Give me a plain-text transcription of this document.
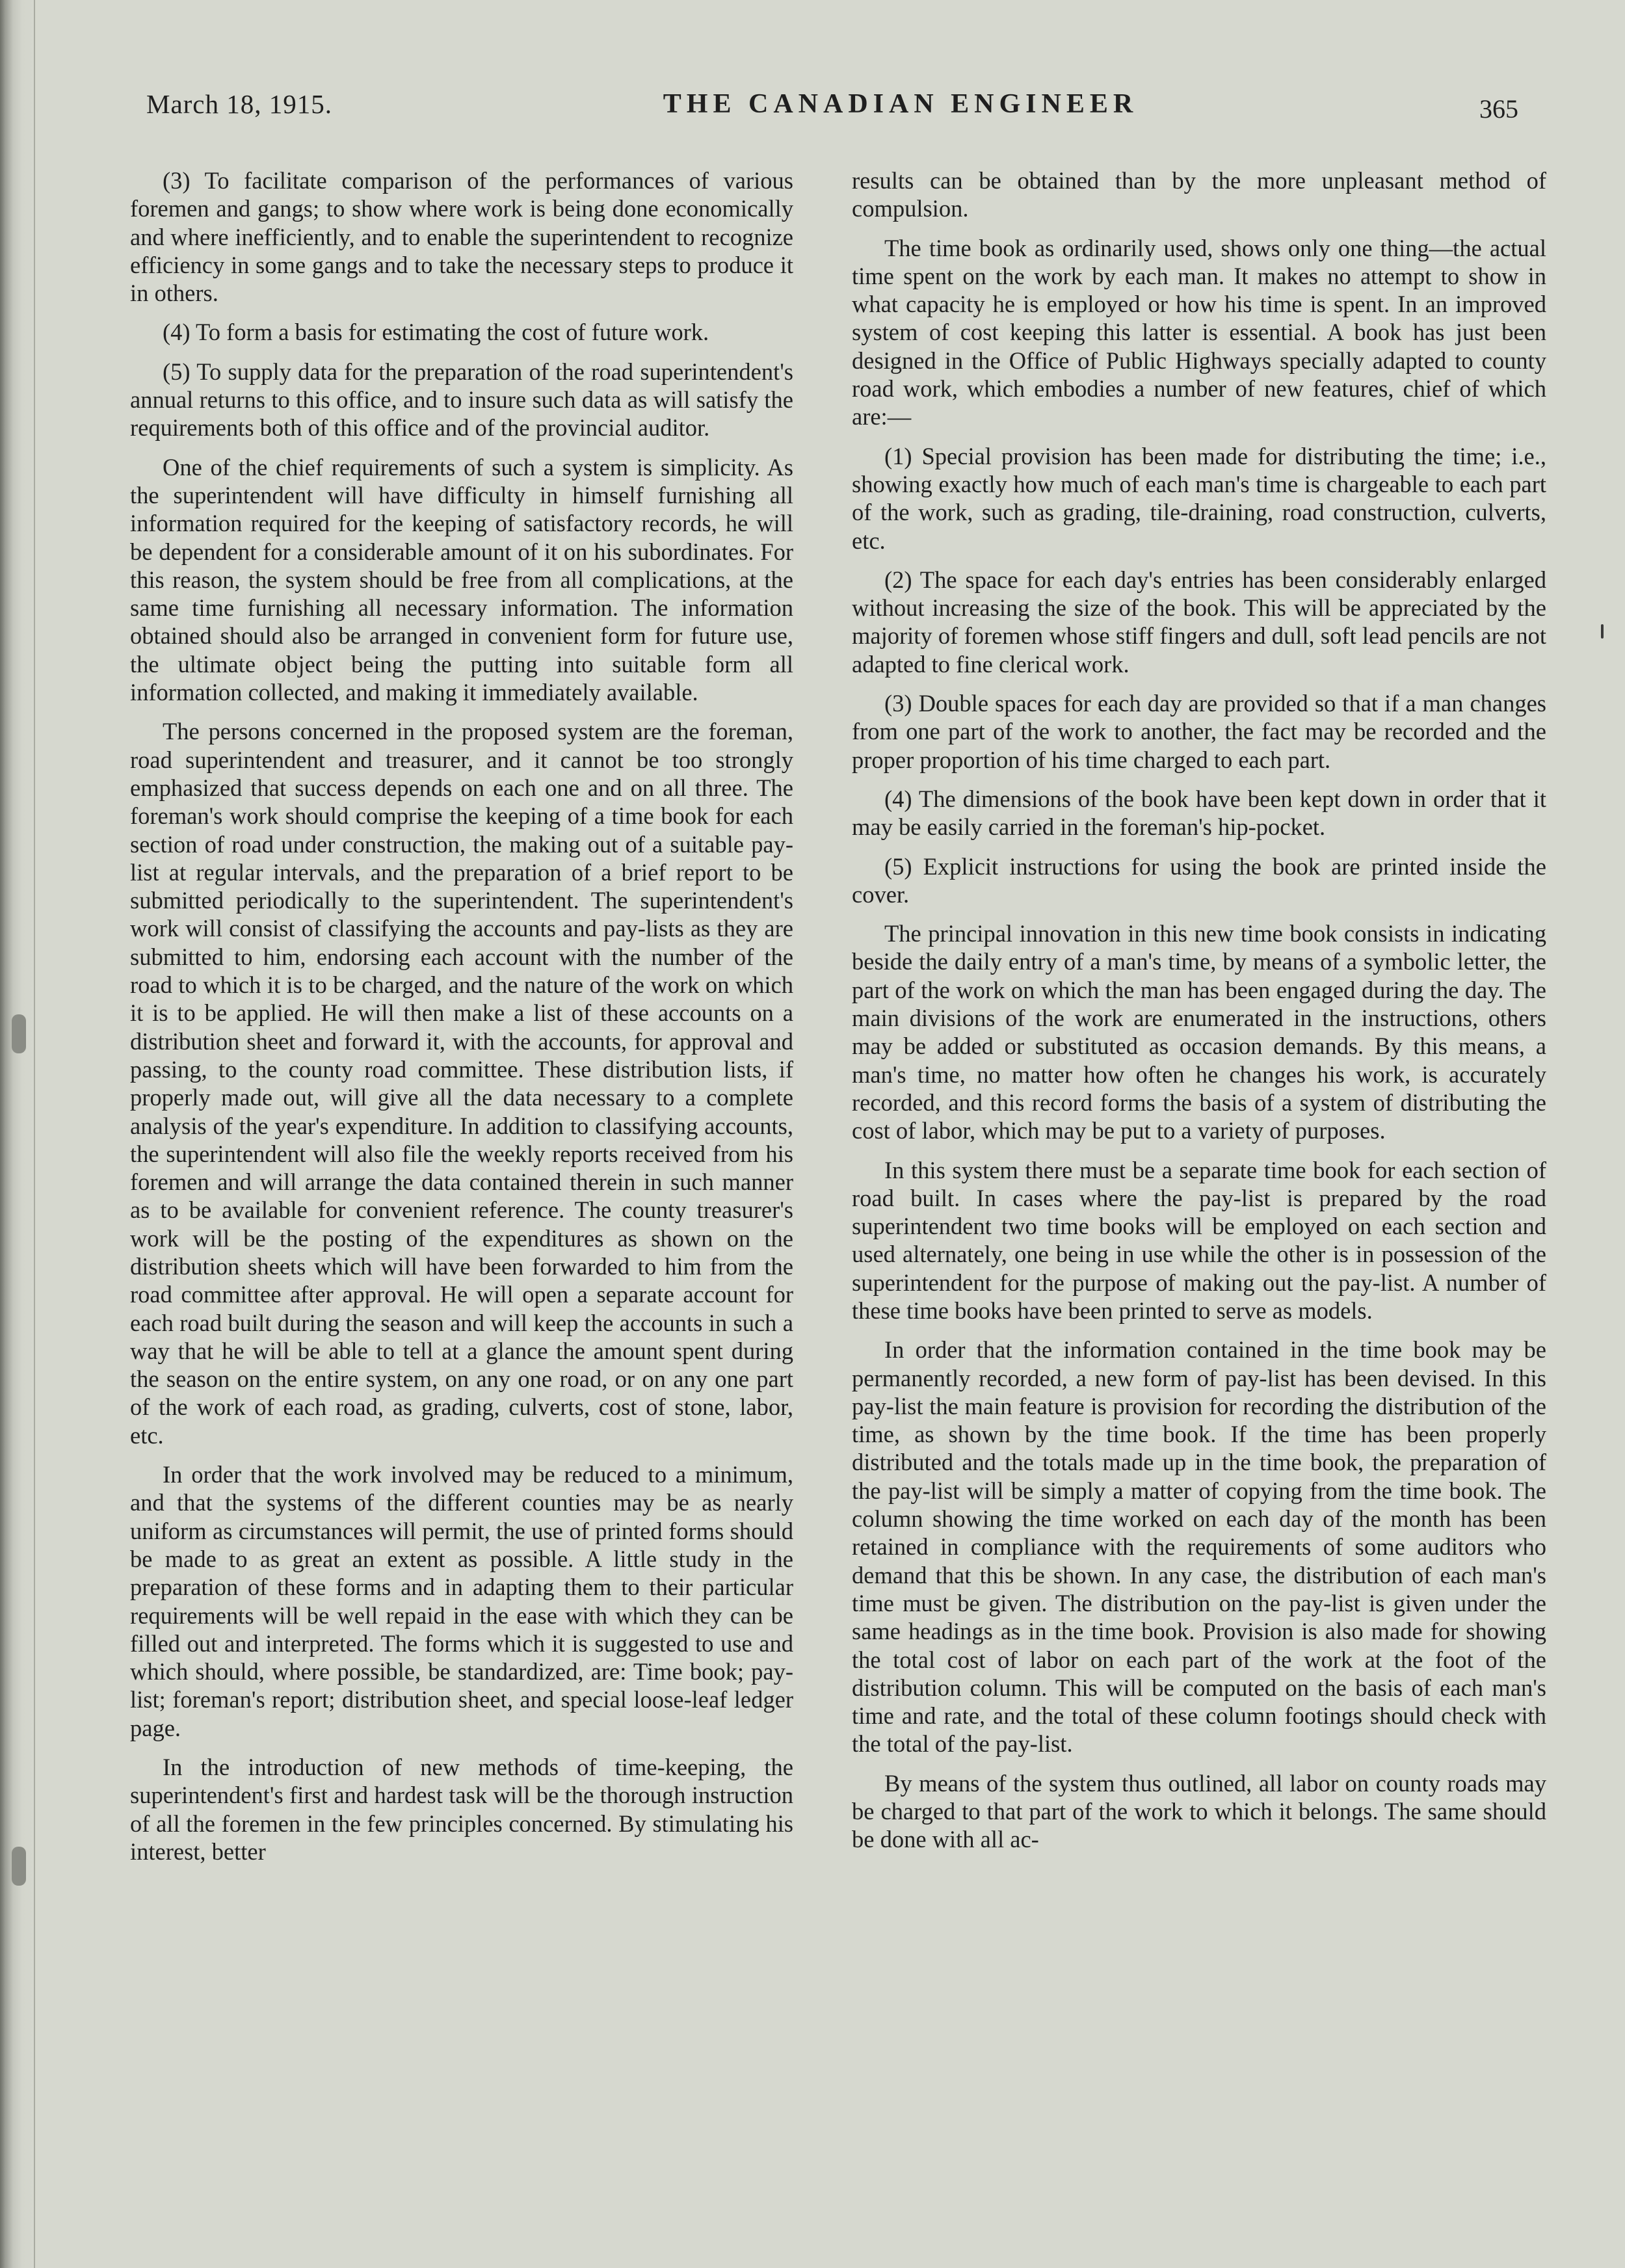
March 18, 1915.	THE CANADIAN ENGINEER	365

(3) To facilitate comparison of the performances of various foremen and gangs; to show where work is being done economically and where inefficiently, and to enable the superintendent to recognize efficiency in some gangs and to take the necessary steps to produce it in others.

(4) To form a basis for estimating the cost of future work.

(5) To supply data for the preparation of the road superintendent's annual returns to this office, and to insure such data as will satisfy the requirements both of this office and of the provincial auditor.

One of the chief requirements of such a system is simplicity. As the superintendent will have difficulty in himself furnishing all information required for the keeping of satisfactory records, he will be dependent for a considerable amount of it on his subordinates. For this reason, the system should be free from all complications, at the same time furnishing all necessary information. The information obtained should also be arranged in convenient form for future use, the ultimate object being the putting into suitable form all information collected, and making it immediately available.

The persons concerned in the proposed system are the foreman, road superintendent and treasurer, and it cannot be too strongly emphasized that success depends on each one and on all three. The foreman's work should comprise the keeping of a time book for each section of road under construction, the making out of a suitable pay-list at regular intervals, and the preparation of a brief report to be submitted periodically to the superintendent. The superintendent's work will consist of classifying the accounts and pay-lists as they are submitted to him, endorsing each account with the number of the road to which it is to be charged, and the nature of the work on which it is to be applied. He will then make a list of these accounts on a distribution sheet and forward it, with the accounts, for approval and passing, to the county road committee. These distribution lists, if properly made out, will give all the data necessary to a complete analysis of the year's expenditure. In addition to classifying accounts, the superintendent will also file the weekly reports received from his foremen and will arrange the data contained therein in such manner as to be available for convenient reference. The county treasurer's work will be the posting of the expenditures as shown on the distribution sheets which will have been forwarded to him from the road committee after approval. He will open a separate account for each road built during the season and will keep the accounts in such a way that he will be able to tell at a glance the amount spent during the season on the entire system, on any one road, or on any one part of the work of each road, as grading, culverts, cost of stone, labor, etc.

In order that the work involved may be reduced to a minimum, and that the systems of the different counties may be as nearly uniform as circumstances will permit, the use of printed forms should be made to as great an extent as possible. A little study in the preparation of these forms and in adapting them to their particular requirements will be well repaid in the ease with which they can be filled out and interpreted. The forms which it is suggested to use and which should, where possible, be standardized, are: Time book; pay-list; foreman's report; distribution sheet, and special loose-leaf ledger page.

In the introduction of new methods of time-keeping, the superintendent's first and hardest task will be the thorough instruction of all the foremen in the few principles concerned. By stimulating his interest, better

results can be obtained than by the more unpleasant method of compulsion.

The time book as ordinarily used, shows only one thing—the actual time spent on the work by each man. It makes no attempt to show in what capacity he is employed or how his time is spent. In an improved system of cost keeping this latter is essential. A book has just been designed in the Office of Public Highways specially adapted to county road work, which embodies a number of new features, chief of which are:—

(1) Special provision has been made for distributing the time; i.e., showing exactly how much of each man's time is chargeable to each part of the work, such as grading, tile-draining, road construction, culverts, etc.

(2) The space for each day's entries has been considerably enlarged without increasing the size of the book. This will be appreciated by the majority of foremen whose stiff fingers and dull, soft lead pencils are not adapted to fine clerical work.

(3) Double spaces for each day are provided so that if a man changes from one part of the work to another, the fact may be recorded and the proper proportion of his time charged to each part.

(4) The dimensions of the book have been kept down in order that it may be easily carried in the foreman's hip-pocket.

(5) Explicit instructions for using the book are printed inside the cover.

The principal innovation in this new time book consists in indicating beside the daily entry of a man's time, by means of a symbolic letter, the part of the work on which the man has been engaged during the day. The main divisions of the work are enumerated in the instructions, others may be added or substituted as occasion demands. By this means, a man's time, no matter how often he changes his work, is accurately recorded, and this record forms the basis of a system of distributing the cost of labor, which may be put to a variety of purposes.

In this system there must be a separate time book for each section of road built. In cases where the pay-list is prepared by the road superintendent two time books will be employed on each section and used alternately, one being in use while the other is in possession of the superintendent for the purpose of making out the pay-list. A number of these time books have been printed to serve as models.

In order that the information contained in the time book may be permanently recorded, a new form of pay-list has been devised. In this pay-list the main feature is provision for recording the distribution of the time, as shown by the time book. If the time has been properly distributed and the totals made up in the time book, the preparation of the pay-list will be simply a matter of copying from the time book. The column showing the time worked on each day of the month has been retained in compliance with the requirements of some auditors who demand that this be shown. In any case, the distribution of each man's time must be given. The distribution on the pay-list is given under the same headings as in the time book. Provision is also made for showing the total cost of labor on each part of the work at the foot of the distribution column. This will be computed on the basis of each man's time and rate, and the total of these column footings should check with the total of the pay-list.

By means of the system thus outlined, all labor on county roads may be charged to that part of the work to which it belongs. The same should be done with all ac-
